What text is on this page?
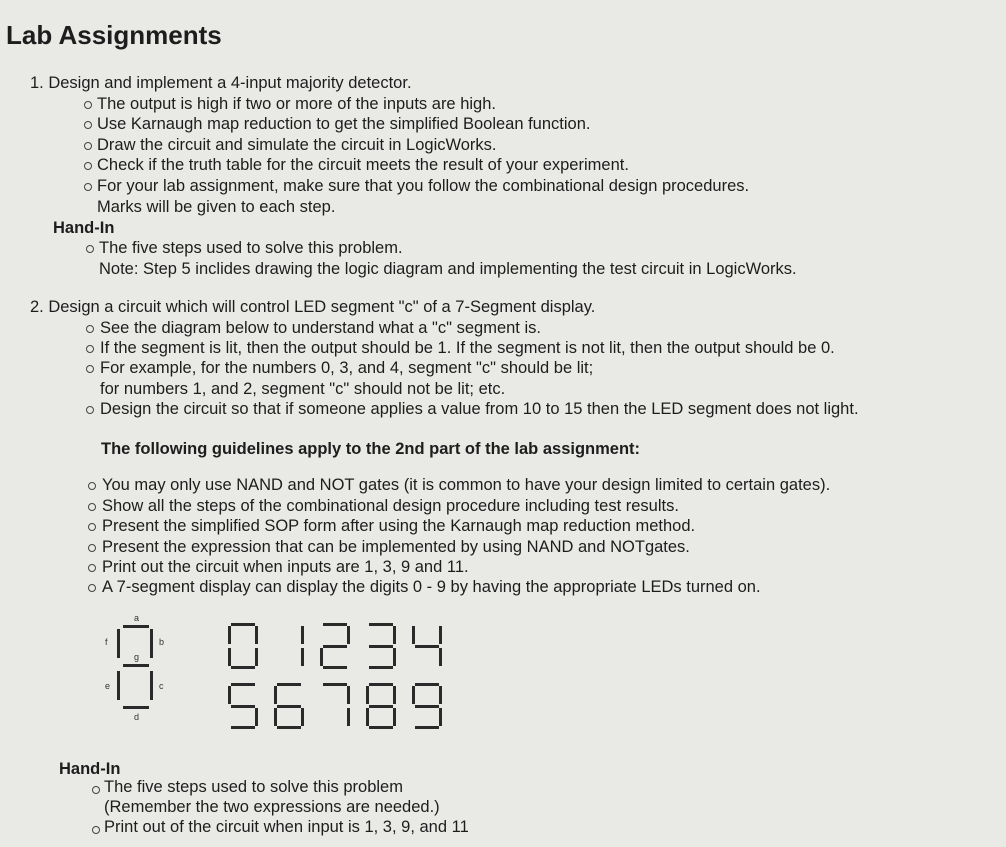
Lab Assignments
1. Design and implement a 4-input majority detector.
The output is high if two or more of the inputs are high.
Use Karnaugh map reduction to get the simplified Boolean function.
Draw the circuit and simulate the circuit in LogicWorks.
Check if the truth table for the circuit meets the result of your experiment.
For your lab assignment, make sure that you follow the combinational design procedures.
Marks will be given to each step.
Hand-In
The five steps used to solve this problem.
Note: Step 5 inclides drawing the logic diagram and implementing the test circuit in LogicWorks.
2. Design a circuit which will control LED segment "c" of a 7-Segment display.
See the diagram below to understand what a "c" segment is.
If the segment is lit, then the output should be 1. If the segment is not lit, then the output should be 0.
For example, for the numbers 0, 3, and 4, segment "c" should be lit;
for numbers 1, and 2, segment "c" should not be lit; etc.
Design the circuit so that if someone applies a value from 10 to 15 then the LED segment does not light.
The following guidelines apply to the 2nd part of the lab assignment:
You may only use NAND and NOT gates (it is common to have your design limited to certain gates).
Show all the steps of the combinational design procedure including test results.
Present the simplified SOP form after using the Karnaugh map reduction method.
Present the expression that can be implemented by using NAND and NOTgates.
Print out the circuit when inputs are 1, 3, 9 and 11.
A 7-segment display can display the digits 0 - 9 by having the appropriate LEDs turned on.
a
b
c
d
e
f
g
Hand-In
The five steps used to solve this problem
(Remember the two expressions are needed.)
Print out of the circuit when input is 1, 3, 9, and 11
